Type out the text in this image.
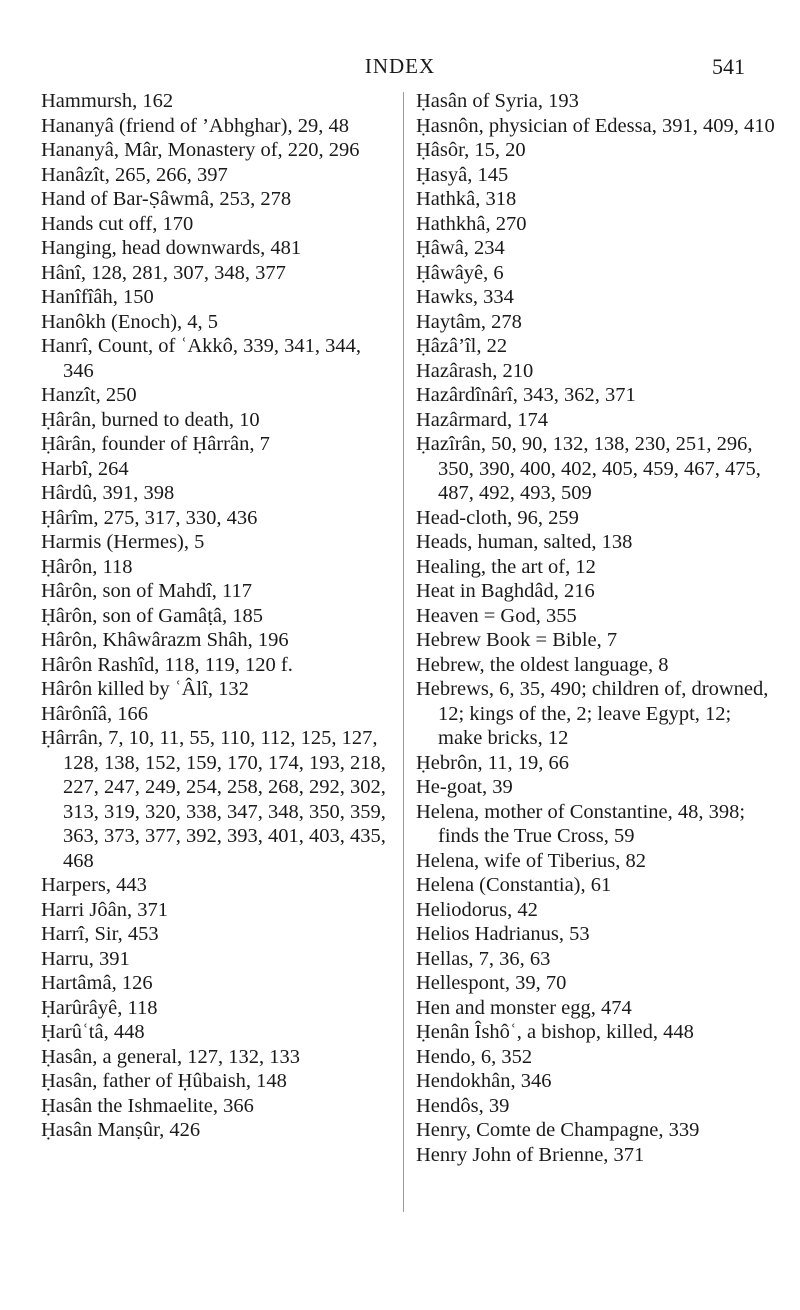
INDEX	541

Hammursh, 162

Hananyâ (friend of ’Abhghar), 29, 48

Hananyâ, Mâr, Monastery of, 220, 296

Hanâzît, 265, 266, 397

Hand of Bar-Ṣâwmâ, 253, 278

Hands cut off, 170

Hanging, head downwards, 481

Hânî, 128, 281, 307, 348, 377

Hanîfîâh, 150

Hanôkh (Enoch), 4, 5

Hanrî, Count, of ʿAkkô, 339, 341, 344, 346

Hanzît, 250

Ḥârân, burned to death, 10

Ḥârân, founder of Ḥârrân, 7

Harbî, 264

Hârdû, 391, 398

Ḥârîm, 275, 317, 330, 436

Harmis (Hermes), 5

Ḥârôn, 118

Hârôn, son of Mahdî, 117

Ḥârôn, son of Gamâṭâ, 185

Hârôn, Khâwârazm Shâh, 196

Hârôn Rashîd, 118, 119, 120 f.

Hârôn killed by ʿÂlî, 132

Hârônîâ, 166

Ḥârrân, 7, 10, 11, 55, 110, 112, 125, 127, 128, 138, 152, 159, 170, 174, 193, 218, 227, 247, 249, 254, 258, 268, 292, 302, 313, 319, 320, 338, 347, 348, 350, 359, 363, 373, 377, 392, 393, 401, 403, 435, 468

Harpers, 443

Harri Jôân, 371

Harrî, Sir, 453

Harru, 391

Hartâmâ, 126

Ḥarûrâyê, 118

Ḥarûʿtâ, 448

Ḥasân, a general, 127, 132, 133

Ḥasân, father of Ḥûbaish, 148

Ḥasân the Ishmaelite, 366

Ḥasân Manṣûr, 426

Ḥasân of Syria, 193

Ḥasnôn, physician of Edessa, 391, 409, 410

Ḥâsôr, 15, 20

Ḥasyâ, 145

Hathkâ, 318

Hathkhâ, 270

Ḥâwâ, 234

Ḥâwâyê, 6

Hawks, 334

Haytâm, 278

Ḥâzâ’îl, 22

Hazârash, 210

Hazârdînârî, 343, 362, 371

Hazârmard, 174

Ḥazîrân, 50, 90, 132, 138, 230, 251, 296, 350, 390, 400, 402, 405, 459, 467, 475, 487, 492, 493, 509

Head-cloth, 96, 259

Heads, human, salted, 138

Healing, the art of, 12

Heat in Baghdâd, 216

Heaven = God, 355

Hebrew Book = Bible, 7

Hebrew, the oldest language, 8

Hebrews, 6, 35, 490; children of, drowned, 12; kings of the, 2; leave Egypt, 12; make bricks, 12

Ḥebrôn, 11, 19, 66

He-goat, 39

Helena, mother of Constantine, 48, 398; finds the True Cross, 59

Helena, wife of Tiberius, 82

Helena (Constantia), 61

Heliodorus, 42

Helios Hadrianus, 53

Hellas, 7, 36, 63

Hellespont, 39, 70

Hen and monster egg, 474

Ḥenân Îshôʿ, a bishop, killed, 448

Hendo, 6, 352

Hendokhân, 346

Hendôs, 39

Henry, Comte de Champagne, 339

Henry John of Brienne, 371
